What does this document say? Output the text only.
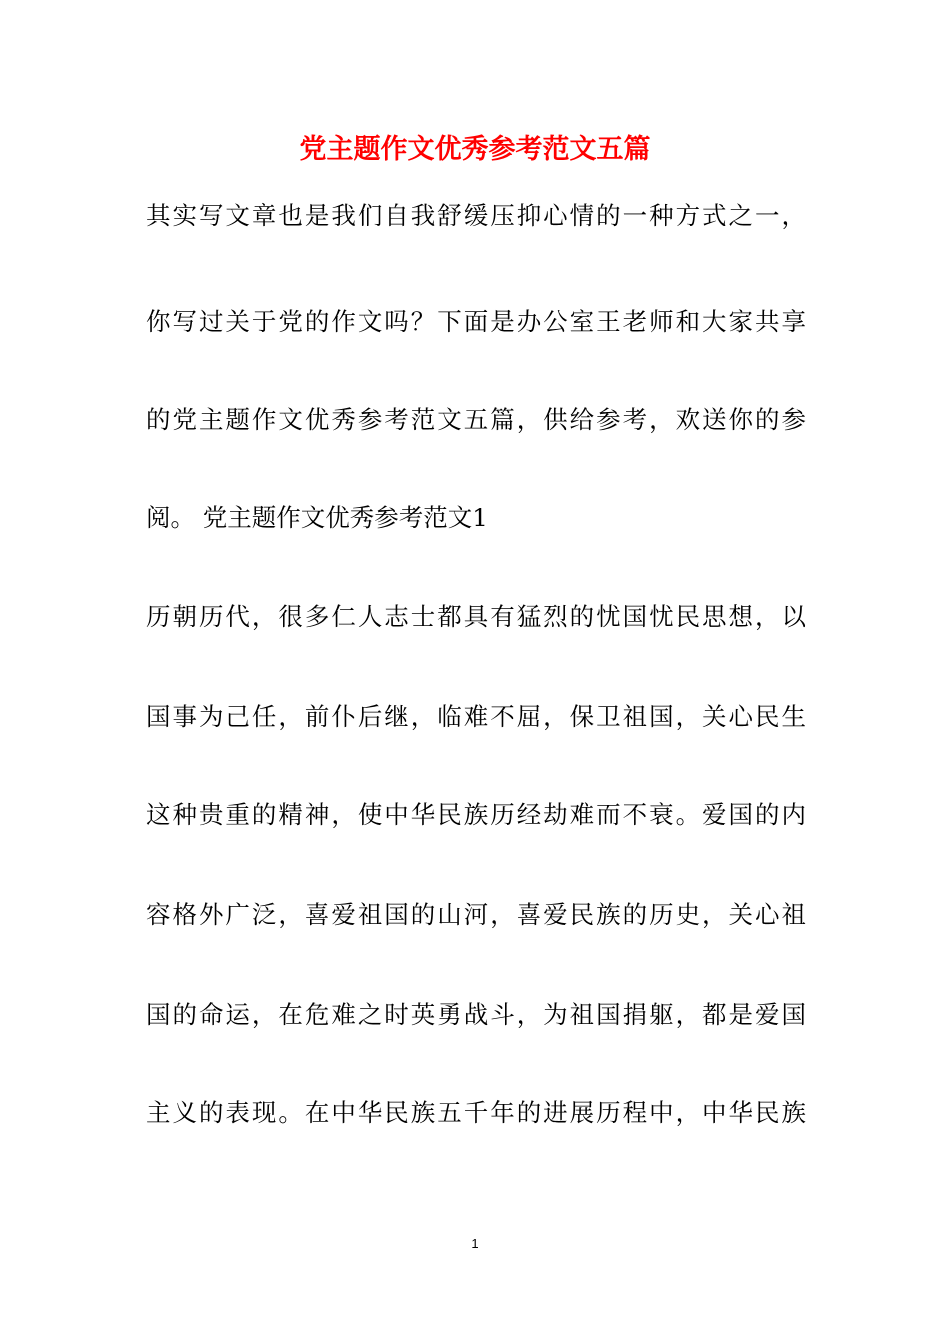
党主题作文优秀参考范文五篇
其实写文章也是我们自我舒缓压抑心情的一种方式之一，
你写过关于党的作文吗？下面是办公室王老师和大家共享
的党主题作文优秀参考范文五篇，供给参考，欢送你的参
阅。 党主题作文优秀参考范文1
历朝历代，很多仁人志士都具有猛烈的忧国忧民思想，以
国事为己任，前仆后继，临难不屈，保卫祖国，关心民生
这种贵重的精神，使中华民族历经劫难而不衰。爱国的内
容格外广泛，喜爱祖国的山河，喜爱民族的历史，关心祖
国的命运，在危难之时英勇战斗，为祖国捐躯，都是爱国
主义的表现。在中华民族五千年的进展历程中，中华民族
1
